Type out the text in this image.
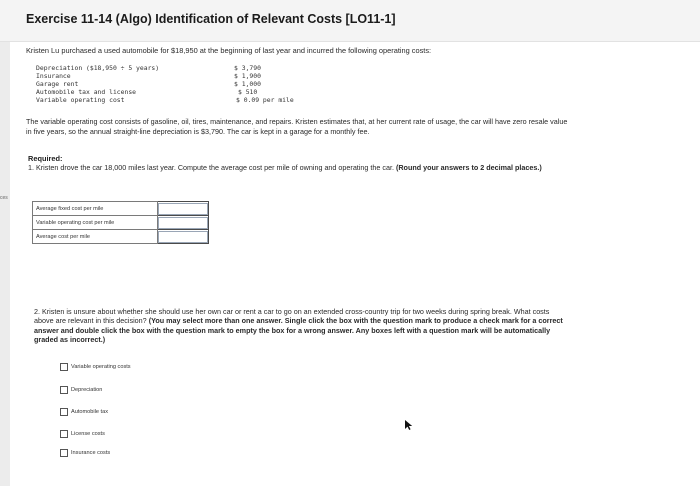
Exercise 11-14 (Algo) Identification of Relevant Costs [LO11-1]
ces
Kristen Lu purchased a used automobile for $18,950 at the beginning of last year and incurred the following operating costs:
Depreciation ($18,950 ÷ 5 years)	$ 3,790
Insurance	$ 1,900
Garage rent	$ 1,000
Automobile tax and license	$ 510
Variable operating cost	$ 0.09 per mile
The variable operating cost consists of gasoline, oil, tires, maintenance, and repairs. Kristen estimates that, at her current rate of usage, the car will have zero resale value in five years, so the annual straight-line depreciation is $3,790. The car is kept in a garage for a monthly fee.
Required:
1. Kristen drove the car 18,000 miles last year. Compute the average cost per mile of owning and operating the car. (Round your answers to 2 decimal places.)
Average fixed cost per mile	
Variable operating cost per mile	
Average cost per mile	
2. Kristen is unsure about whether she should use her own car or rent a car to go on an extended cross-country trip for two weeks during spring break. What costs above are relevant in this decision? (You may select more than one answer. Single click the box with the question mark to produce a check mark for a correct answer and double click the box with the question mark to empty the box for a wrong answer. Any boxes left with a question mark will be automatically graded as incorrect.)
Variable operating costs
Depreciation
Automobile tax
License costs
Insurance costs
